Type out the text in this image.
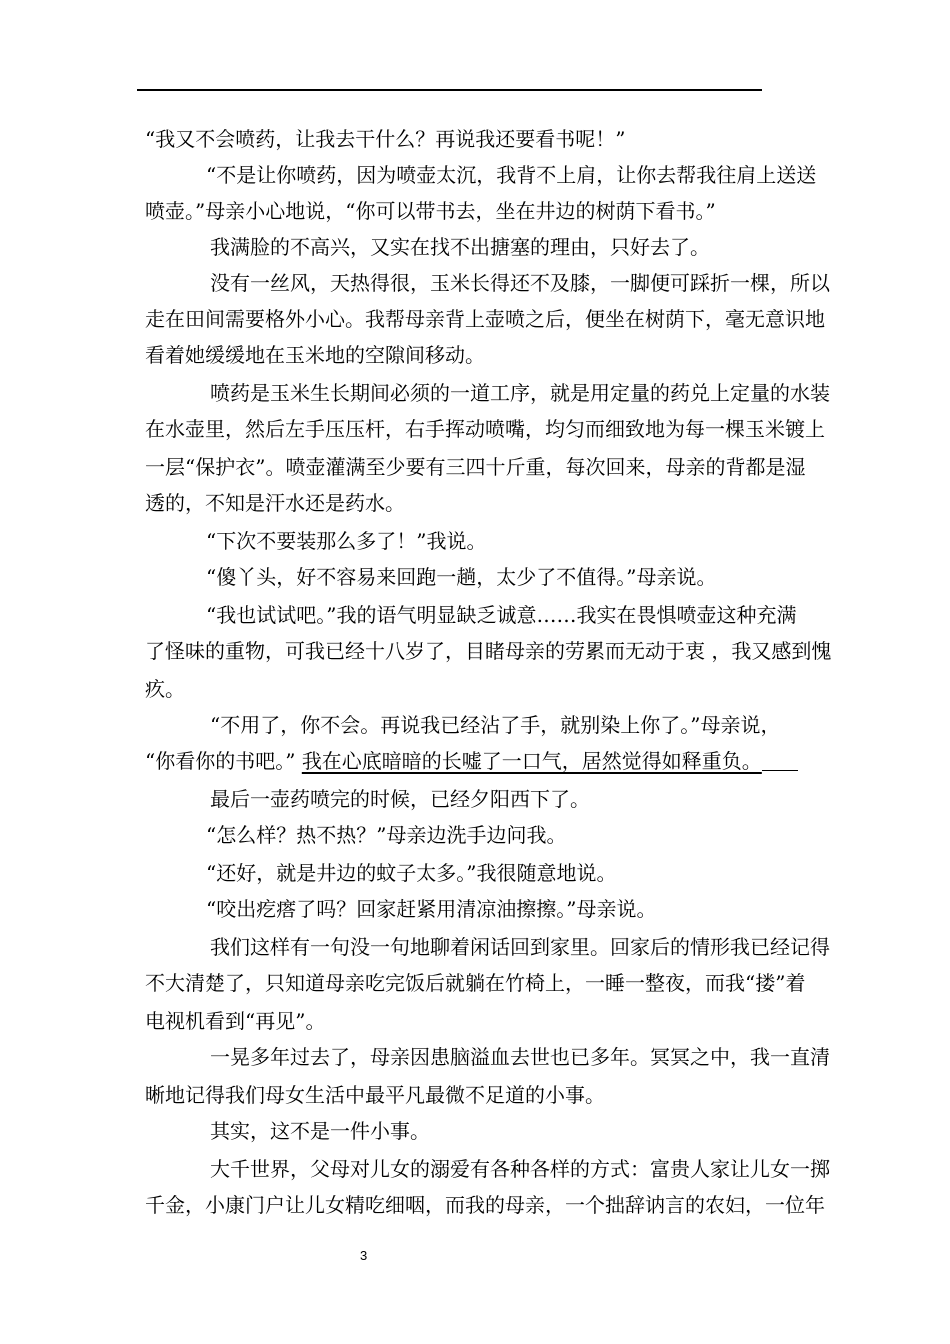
“我又不会喷药，让我去干什么？再说我还要看书呢！”
“不是让你喷药，因为喷壶太沉，我背不上肩，让你去帮我往肩上送送
喷壶。”母亲小心地说，“你可以带书去，坐在井边的树荫下看书。”
我满脸的不高兴，又实在找不出搪塞的理由，只好去了。
没有一丝风，天热得很，玉米长得还不及膝，一脚便可踩折一棵，所以
走在田间需要格外小心。我帮母亲背上壶喷之后，便坐在树荫下，毫无意识地
看着她缓缓地在玉米地的空隙间移动。
喷药是玉米生长期间必须的一道工序，就是用定量的药兑上定量的水装
在水壶里，然后左手压压杆，右手挥动喷嘴，均匀而细致地为每一棵玉米镀上
一层“保护衣”。喷壶灌满至少要有三四十斤重，每次回来，母亲的背都是湿
透的，不知是汗水还是药水。
“下次不要装那么多了！”我说。
“傻丫头，好不容易来回跑一趟，太少了不值得。”母亲说。
“我也试试吧。”我的语气明显缺乏诚意……我实在畏惧喷壶这种充满
了怪味的重物，可我已经十八岁了，目睹母亲的劳累而无动于衷 ，我又感到愧
疚。
“不用了，你不会。再说我已经沾了手，就别染上你了。”母亲说，
“你看你的书吧。” 我在心底暗暗的长嘘了一口气，居然觉得如释重负。
最后一壶药喷完的时候，已经夕阳西下了。
“怎么样？热不热？”母亲边洗手边问我。
“还好，就是井边的蚊子太多。”我很随意地说。
“咬出疙瘩了吗？回家赶紧用清凉油擦擦。”母亲说。
我们这样有一句没一句地聊着闲话回到家里。回家后的情形我已经记得
不大清楚了，只知道母亲吃完饭后就躺在竹椅上，一睡一整夜，而我“搂”着
电视机看到“再见”。
一晃多年过去了，母亲因患脑溢血去世也已多年。冥冥之中，我一直清
晰地记得我们母女生活中最平凡最微不足道的小事。
其实，这不是一件小事。
大千世界，父母对儿女的溺爱有各种各样的方式：富贵人家让儿女一掷
千金，小康门户让儿女精吃细咽，而我的母亲，一个拙辞讷言的农妇，一位年
3
